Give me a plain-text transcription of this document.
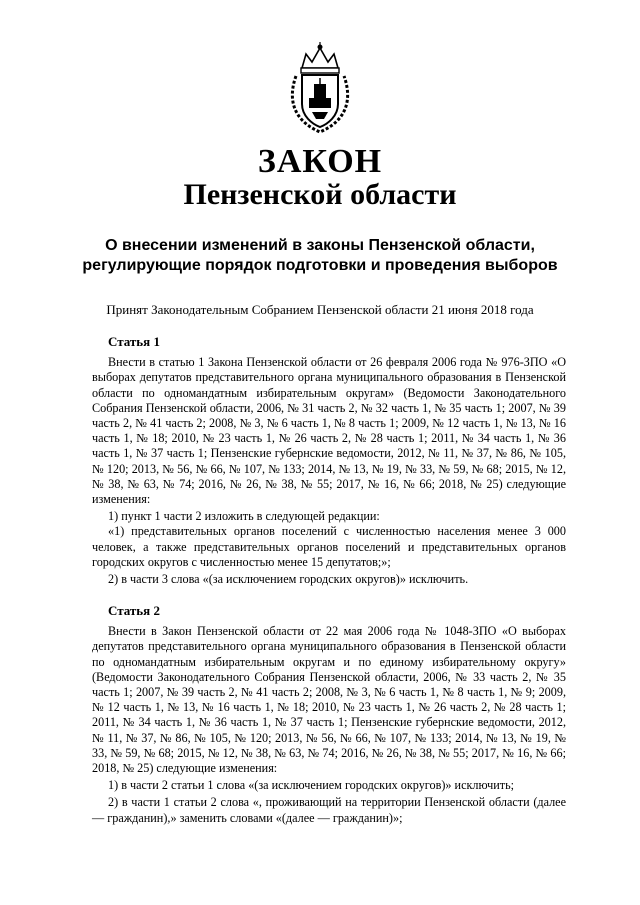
ЗАКОН
Пензенской области
О внесении изменений в законы Пензенской области,
регулирующие порядок подготовки и проведения выборов

Принят Законодательным Собранием Пензенской области 21 июня 2018 года

Статья 1

Внести в статью 1 Закона Пензенской области от 26 февраля 2006 года № 976-ЗПО «О выборах депутатов представительного органа муниципального образования в Пензенской области по одномандатным избирательным округам» (Ведомости Законодательного Собрания Пензенской области, 2006, № 31 часть 2, № 32 часть 1, № 35 часть 1; 2007, № 39 часть 2, № 41 часть 2; 2008, № 3, № 6 часть 1, № 8 часть 1; 2009, № 12 часть 1, № 13, № 16 часть 1, № 18; 2010, № 23 часть 1, № 26 часть 2, № 28 часть 1; 2011, № 34 часть 1, № 36 часть 1, № 37 часть 1; Пензенские губернские ведомости, 2012, № 11, № 37, № 86, № 105, № 120; 2013, № 56, № 66, № 107, № 133; 2014, № 13, № 19, № 33, № 59, № 68; 2015, № 12, № 38, № 63, № 74; 2016, № 26, № 38, № 55; 2017, № 16, № 66; 2018, № 25) следующие изменения:

1) пункт 1 части 2 изложить в следующей редакции:

«1) представительных органов поселений с численностью населения менее 3 000 человек, а также представительных органов поселений и представительных органов городских округов с численностью менее 15 депутатов;»;

2) в части 3 слова «(за исключением городских округов)» исключить.

Статья 2

Внести в Закон Пензенской области от 22 мая 2006 года № 1048-ЗПО «О выборах депутатов представительного органа муниципального образования в Пензенской области по одномандатным избирательным округам и по единому избирательному округу» (Ведомости Законодательного Собрания Пензенской области, 2006, № 33 часть 2, № 35 часть 1; 2007, № 39 часть 2, № 41 часть 2; 2008, № 3, № 6 часть 1, № 8 часть 1, № 9; 2009, № 12 часть 1, № 13, № 16 часть 1, № 18; 2010, № 23 часть 1, № 26 часть 2, № 28 часть 1; 2011, № 34 часть 1, № 36 часть 1, № 37 часть 1; Пензенские губернские ведомости, 2012, № 11, № 37, № 86, № 105, № 120; 2013, № 56, № 66, № 107, № 133; 2014, № 13, № 19, № 33, № 59, № 68; 2015, № 12, № 38, № 63, № 74; 2016, № 26, № 38, № 55; 2017, № 16, № 66; 2018, № 25) следующие изменения:

1) в части 2 статьи 1 слова «(за исключением городских округов)» исключить;

2) в части 1 статьи 2 слова «, проживающий на территории Пензенской области (далее — гражданин),» заменить словами «(далее — гражданин)»;
